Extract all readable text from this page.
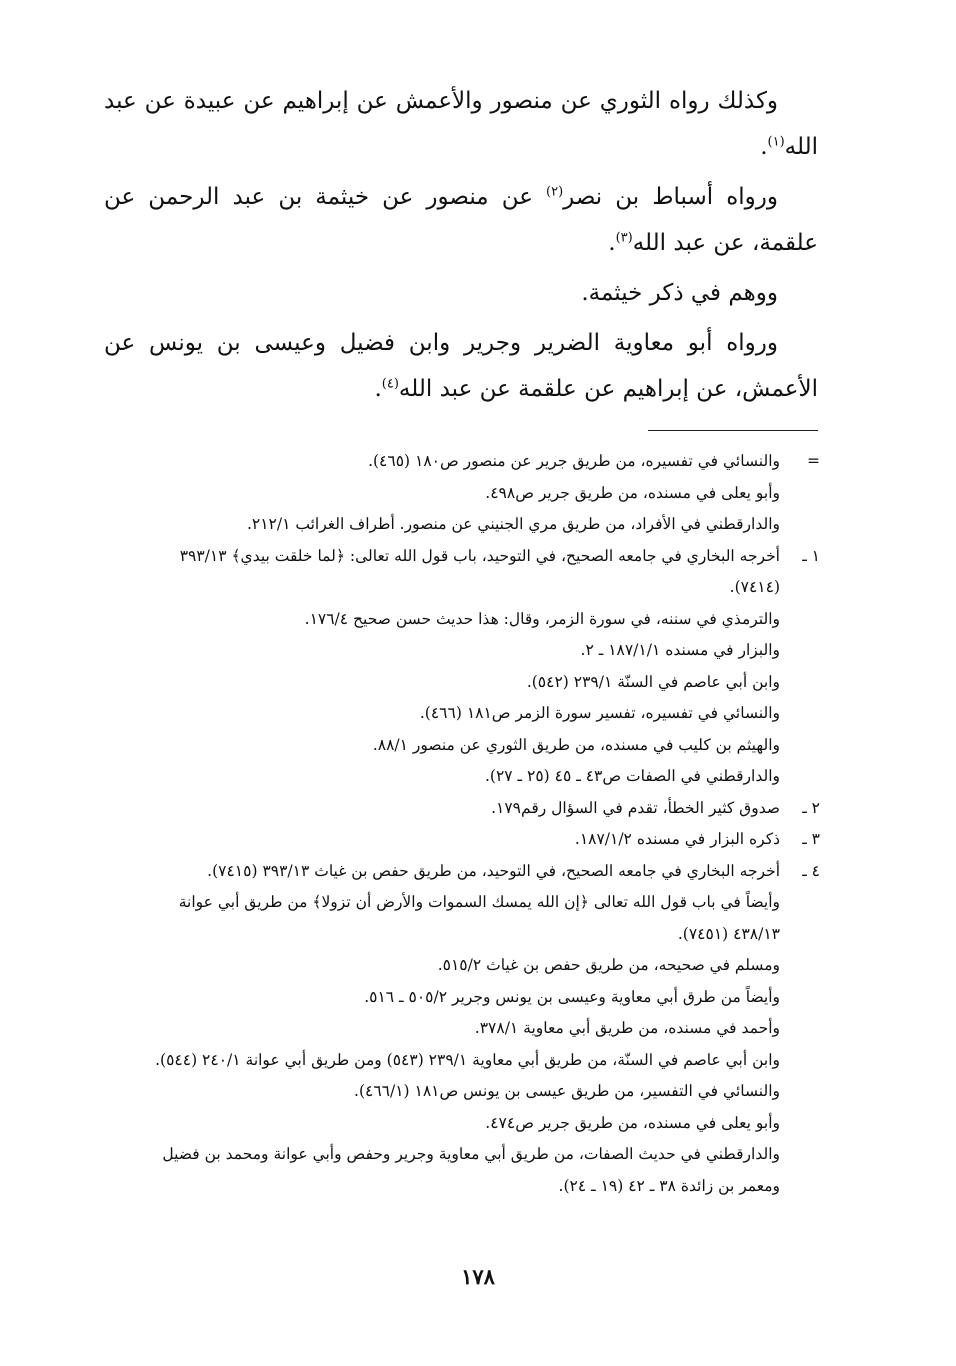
وكذلك رواه الثوري عن منصور والأعمش عن إبراهيم عن عبيدة عن عبد الله$^{(١)}$.

ورواه أسباط بن نصر$^{(٢)}$ عن منصور عن خيثمة بن عبد الرحمن عن علقمة، عن عبد الله$^{(٣)}$.

ووهم في ذكر خيثمة.

ورواه أبو معاوية الضرير وجرير وابن فضيل وعيسى بن يونس عن الأعمش، عن إبراهيم عن علقمة عن عبد الله$^{(٤)}$.

=
والنسائي في تفسيره، من طريق جرير عن منصور ص١٨٠ (٤٦٥).
وأبو يعلى في مسنده، من طريق جرير ص٤٩٨.
والدارقطني في الأفراد، من طريق مري الجنيني عن منصور. أطراف الغرائب ٢١٢/١.
١ ـ
أخرجه البخاري في جامعه الصحيح، في التوحيد، باب قول الله تعالى: ﴿لما خلقت بيدي﴾ ٣٩٣/١٣
(٧٤١٤).
والترمذي في سننه، في سورة الزمر، وقال: هذا حديث حسن صحيح ١٧٦/٤.
والبزار في مسنده ١٨٧/١/١ ـ ٢.
وابن أبي عاصم في السنّة ٢٣٩/١ (٥٤٢).
والنسائي في تفسيره، تفسير سورة الزمر ص١٨١ (٤٦٦).
والهيثم بن كليب في مسنده، من طريق الثوري عن منصور ٨٨/١.
والدارقطني في الصفات ص٤٣ ـ ٤٥ (٢٥ ـ ٢٧).
٢ ـ
صدوق كثير الخطأ، تقدم في السؤال رقم١٧٩.
٣ ـ
ذكره البزار في مسنده ١٨٧/١/٢.
٤ ـ
أخرجه البخاري في جامعه الصحيح، في التوحيد، من طريق حفص بن غياث ٣٩٣/١٣ (٧٤١٥).
وأيضاً في باب قول الله تعالى ﴿إن الله يمسك السموات والأرض أن تزولا﴾ من طريق أبي عوانة
٤٣٨/١٣ (٧٤٥١).
ومسلم في صحيحه، من طريق حفص بن غياث ٥١٥/٢.
وأيضاً من طرق أبي معاوية وعيسى بن يونس وجرير ٥٠٥/٢ ـ ٥١٦.
وأحمد في مسنده، من طريق أبي معاوية ٣٧٨/١.
وابن أبي عاصم في السنّة، من طريق أبي معاوية ٢٣٩/١ (٥٤٣) ومن طريق أبي عوانة ٢٤٠/١ (٥٤٤).
والنسائي في التفسير، من طريق عيسى بن يونس ص١٨١ (٤٦٦/١).
وأبو يعلى في مسنده، من طريق جرير ص٤٧٤.
والدارقطني في حديث الصفات، من طريق أبي معاوية وجرير وحفص وأبي عوانة ومحمد بن فضيل
ومعمر بن زائدة ٣٨ ـ ٤٢ (١٩ ـ ٢٤).
١٧٨
